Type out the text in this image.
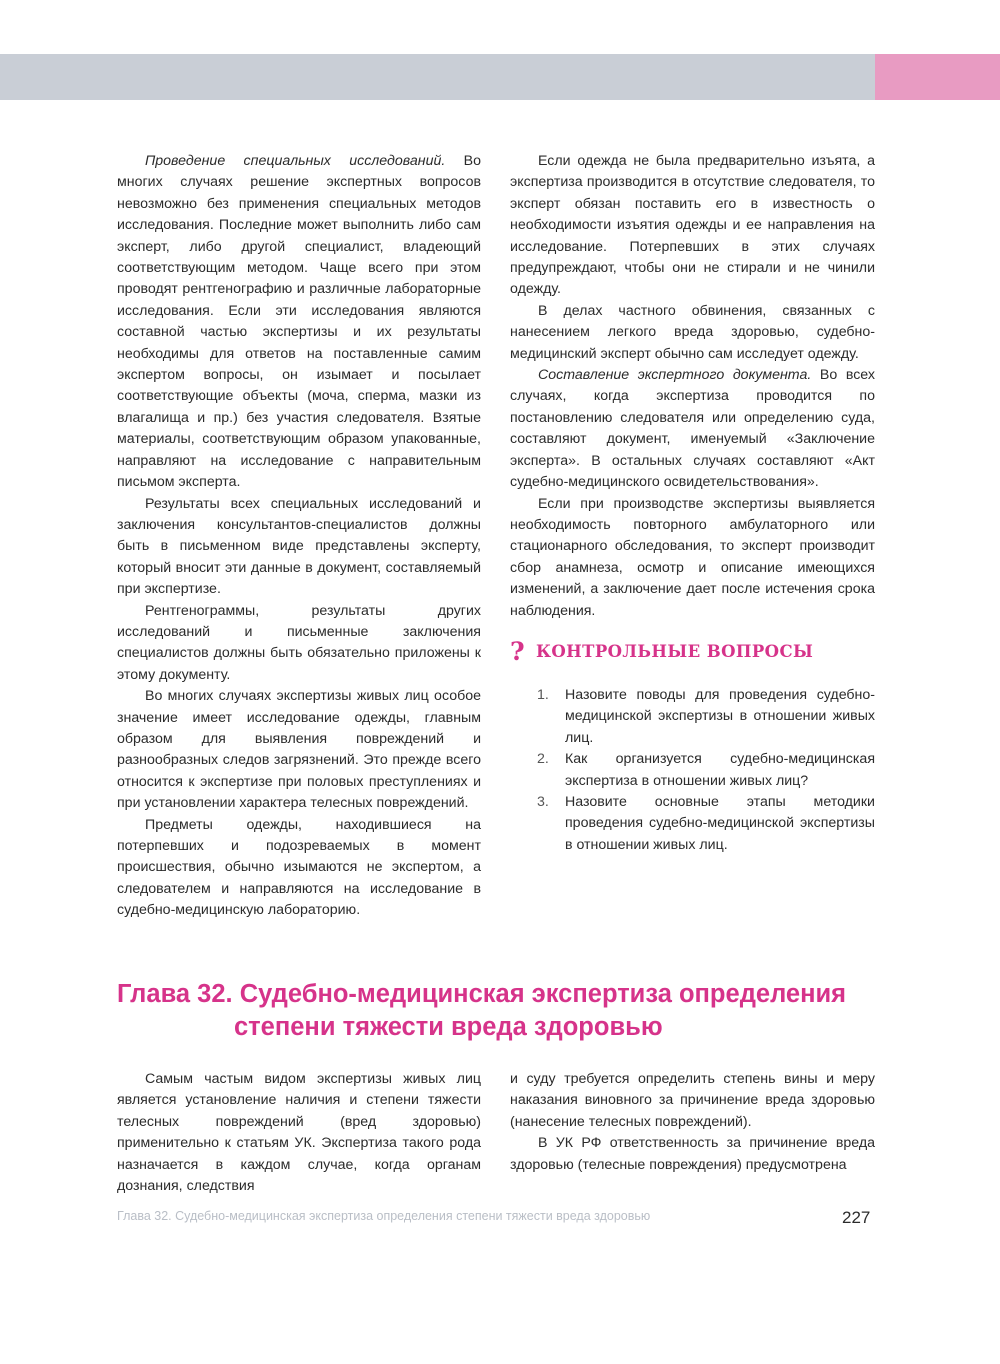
Проведение специальных исследований. Во многих случаях решение экспертных вопросов невозможно без применения специальных методов исследования. Последние может выполнить либо сам эксперт, либо другой специалист, владеющий соответствующим методом. Чаще всего при этом проводят рентгенографию и различные лабораторные исследования. Если эти исследования являются составной частью экспертизы и их результаты необходимы для ответов на поставленные самим экспертом вопросы, он изымает и посылает соответствующие объекты (моча, сперма, мазки из влагалища и пр.) без участия следователя. Взятые материалы, соответствующим образом упакованные, направляют на исследование с направительным письмом эксперта.

Результаты всех специальных исследований и заключения консультантов-специалистов должны быть в письменном виде представлены эксперту, который вносит эти данные в документ, составляемый при экспертизе.

Рентгенограммы, результаты других исследований и письменные заключения специалистов должны быть обязательно приложены к этому документу.

Во многих случаях экспертизы живых лиц особое значение имеет исследование одежды, главным образом для выявления повреждений и разнообразных следов загрязнений. Это прежде всего относится к экспертизе при половых преступлениях и при установлении характера телесных повреждений.

Предметы одежды, находившиеся на потерпевших и подозреваемых в момент происшествия, обычно изымаются не экспертом, а следователем и направляются на исследование в судебно-медицинскую лабораторию.

Если одежда не была предварительно изъята, а экспертиза производится в отсутствие следователя, то эксперт обязан поставить его в известность о необходимости изъятия одежды и ее направления на исследование. Потерпевших в этих случаях предупреждают, чтобы они не стирали и не чинили одежду.

В делах частного обвинения, связанных с нанесением легкого вреда здоровью, судебно-медицинский эксперт обычно сам исследует одежду.

Составление экспертного документа. Во всех случаях, когда экспертиза проводится по постановлению следователя или определению суда, составляют документ, именуемый «Заключение эксперта». В остальных случаях составляют «Акт судебно-медицинского освидетельствования».

Если при производстве экспертизы выявляется необходимость повторного амбулаторного или стационарного обследования, то эксперт производит сбор анамнеза, осмотр и описание имеющихся изменений, а заключение дает после истечения срока наблюдения.

? КОНТРОЛЬНЫЕ ВОПРОСЫ
1. Назовите поводы для проведения судебно-медицинской экспертизы в отношении живых лиц.
2. Как организуется судебно-медицинская экспертиза в отношении живых лиц?
3. Назовите основные этапы методики проведения судебно-медицинской экспертизы в отношении живых лиц.
Глава 32. Судебно-медицинская экспертиза определения
степени тяжести вреда здоровью

Самым частым видом экспертизы живых лиц является установление наличия и степени тяжести телесных повреждений (вред здоровью) применительно к статьям УК. Экспертиза такого рода назначается в каждом случае, когда органам дознания, следствия

и суду требуется определить степень вины и меру наказания виновного за причинение вреда здоровью (нанесение телесных повреждений).

В УК РФ ответственность за причинение вреда здоровью (телесные повреждения) предусмотрена

Глава 32. Судебно-медицинская экспертиза определения степени тяжести вреда здоровью	227
